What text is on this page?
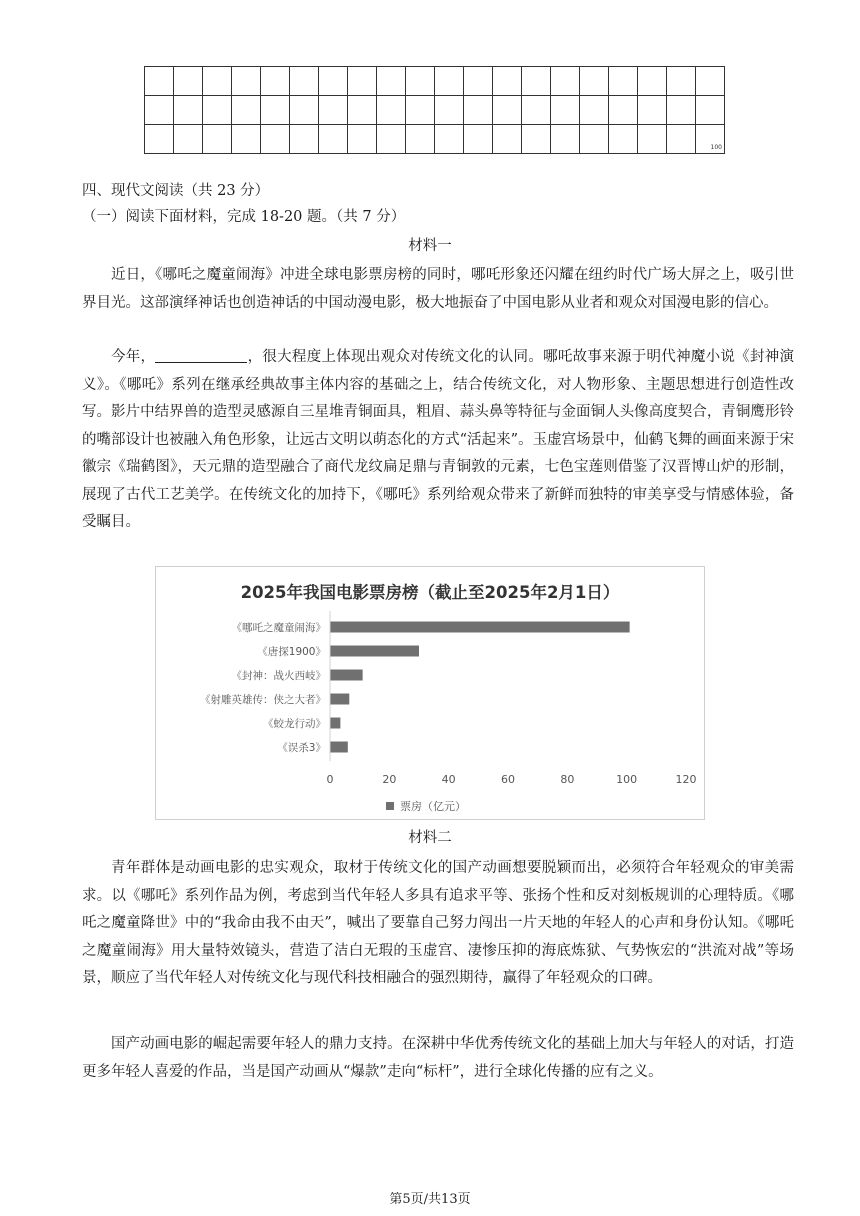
																			100
四、现代文阅读（共 23 分）
（一）阅读下面材料，完成 18-20 题。（共 7 分）
材料一
近日，《哪吒之魔童闹海》冲进全球电影票房榜的同时，哪吒形象还闪耀在纽约时代广场大屏之上，吸引世界目光。这部演绎神话也创造神话的中国动漫电影，极大地振奋了中国电影从业者和观众对国漫电影的信心。
今年，	，很大程度上体现出观众对传统文化的认同。哪吒故事来源于明代神魔小说《封神演义》。《哪吒》系列在继承经典故事主体内容的基础之上，结合传统文化，对人物形象、主题思想进行创造性改写。影片中结界兽的造型灵感源自三星堆青铜面具，粗眉、蒜头鼻等特征与金面铜人头像高度契合，青铜鹰形铃的嘴部设计也被融入角色形象，让远古文明以萌态化的方式“活起来”。玉虚宫场景中，仙鹤飞舞的画面来源于宋徽宗《瑞鹤图》，天元鼎的造型融合了商代龙纹扁足鼎与青铜敦的元素，七色宝莲则借鉴了汉晋博山炉的形制，展现了古代工艺美学。在传统文化的加持下，《哪吒》系列给观众带来了新鲜而独特的审美享受与情感体验，备受瞩目。
2025年我国电影票房榜（截止至2025年2月1日）
《哪吒之魔童闹海》
《唐探1900》
《封神：战火西岐》
《射雕英雄传：侠之大者》
《蛟龙行动》
《误杀3》
0	20	40	60	80	100	120
票房（亿元）
材料二
青年群体是动画电影的忠实观众，取材于传统文化的国产动画想要脱颖而出，必须符合年轻观众的审美需求。以《哪吒》系列作品为例，考虑到当代年轻人多具有追求平等、张扬个性和反对刻板规训的心理特质。《哪吒之魔童降世》中的“我命由我不由天”，喊出了要靠自己努力闯出一片天地的年轻人的心声和身份认知。《哪吒之魔童闹海》用大量特效镜头，营造了洁白无瑕的玉虚宫、凄惨压抑的海底炼狱、气势恢宏的“洪流对战”等场景，顺应了当代年轻人对传统文化与现代科技相融合的强烈期待，赢得了年轻观众的口碑。
国产动画电影的崛起需要年轻人的鼎力支持。在深耕中华优秀传统文化的基础上加大与年轻人的对话，打造更多年轻人喜爱的作品，当是国产动画从“爆款”走向“标杆”，进行全球化传播的应有之义。
第5页/共13页
